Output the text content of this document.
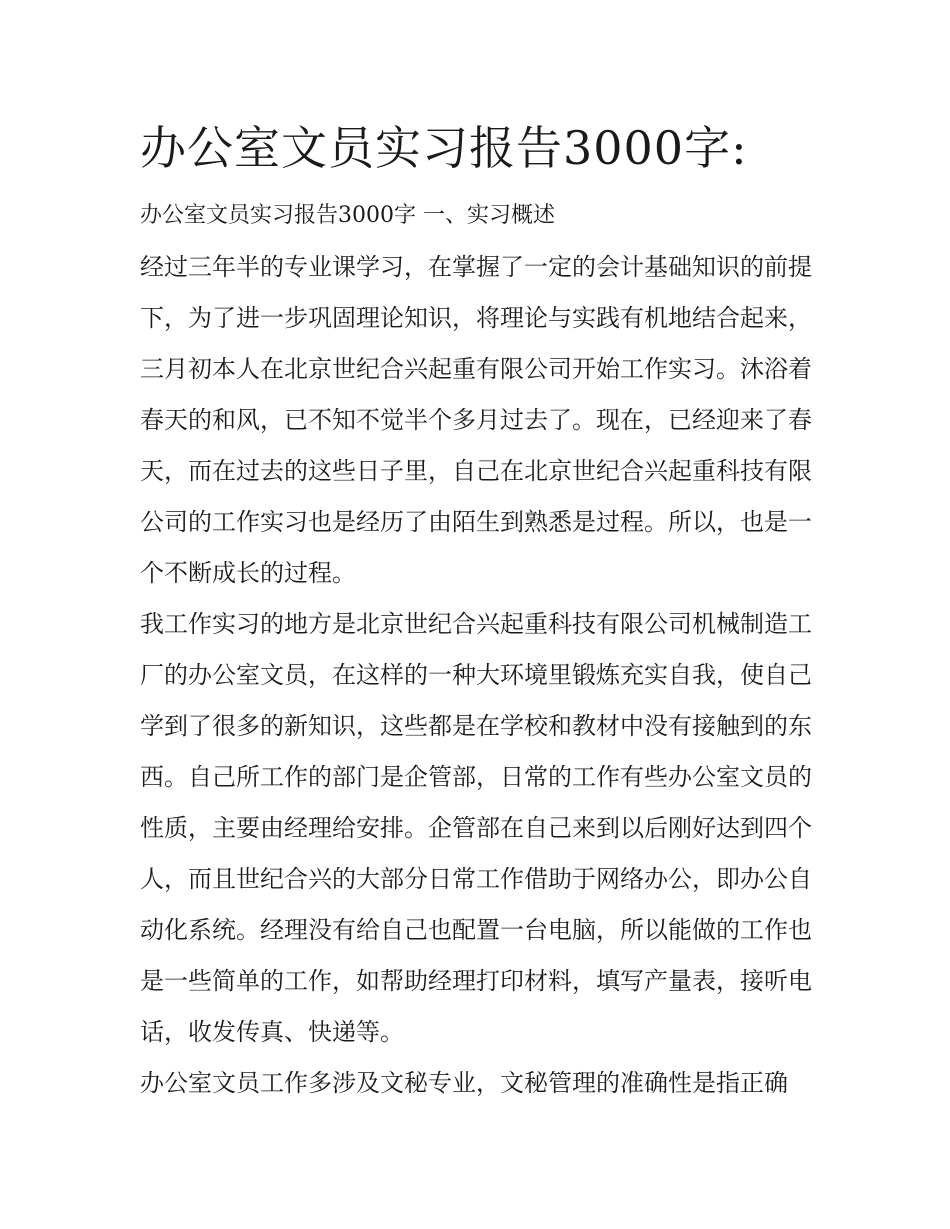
办公室文员实习报告3000字:
办公室文员实习报告3000字 一、实习概述

经过三年半的专业课学习，在掌握了一定的会计基础知识的前提下，为了进一步巩固理论知识，将理论与实践有机地结合起来，三月初本人在北京世纪合兴起重有限公司开始工作实习。沐浴着春天的和风，已不知不觉半个多月过去了。现在，已经迎来了春天，而在过去的这些日子里，自己在北京世纪合兴起重科技有限公司的工作实习也是经历了由陌生到熟悉是过程。所以，也是一个不断成长的过程。

我工作实习的地方是北京世纪合兴起重科技有限公司机械制造工厂的办公室文员，在这样的一种大环境里锻炼充实自我，使自己学到了很多的新知识，这些都是在学校和教材中没有接触到的东西。自己所工作的部门是企管部，日常的工作有些办公室文员的性质，主要由经理给安排。企管部在自己来到以后刚好达到四个人，而且世纪合兴的大部分日常工作借助于网络办公，即办公自动化系统。经理没有给自己也配置一台电脑，所以能做的工作也是一些简单的工作，如帮助经理打印材料，填写产量表，接听电话，收发传真、快递等。

办公室文员工作多涉及文秘专业，文秘管理的准确性是指正确
